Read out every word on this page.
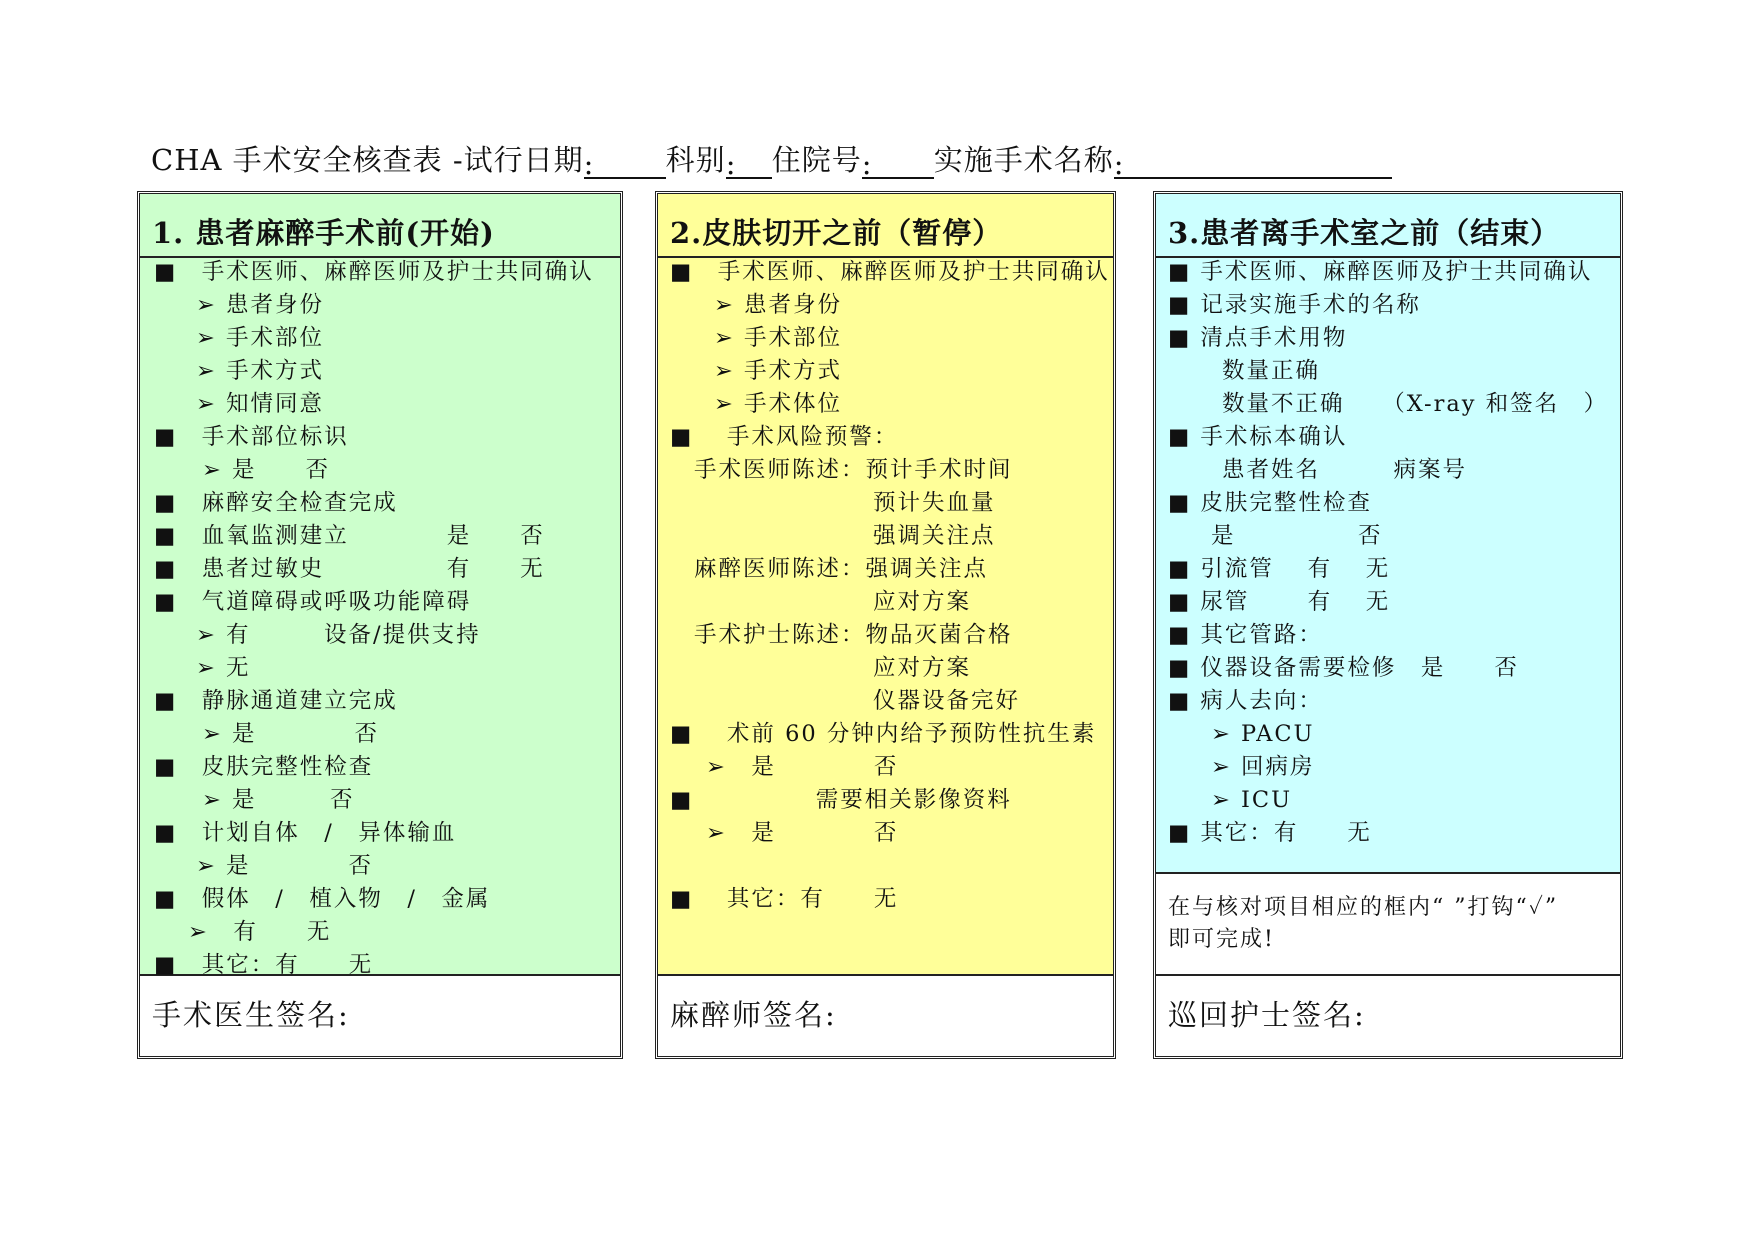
CHA 手术安全核查表 -试行日期: 科别: 住院号: 实施手术名称:
1. 患者麻醉手术前(开始)
■　手术医师、麻醉医师及护士共同确认
➢ 患者身份
➢ 手术部位
➢ 手术方式
➢ 知情同意
■　手术部位标识
➢ 是　　否
■　麻醉安全检查完成
■　血氧监测建立　　　　是　　否
■　患者过敏史　　　　　有　　无
■　气道障碍或呼吸功能障碍
➢ 有　　　设备/提供支持
➢ 无
■　静脉通道建立完成
➢ 是　　　　否
■　皮肤完整性检查
➢ 是　　　否
■　计划自体　/　异体输血
➢ 是　　　　否
■　假体　/　植入物　/　金属
➢　有　　无
■　其它：有　　无
手术医生签名:
2.皮肤切开之前（暂停）
■　手术医师、麻醉医师及护士共同确认
➢ 患者身份
➢ 手术部位
➢ 手术方式
➢ 手术体位
■　 手术风险预警：
手术医师陈述：预计手术时间
预计失血量
强调关注点
麻醉医师陈述：强调关注点
应对方案
手术护士陈述：物品灭菌合格
应对方案
仪器设备完好
■　 术前 60 分钟内给予预防性抗生素
➢　是　　　　否
■　　　　　需要相关影像资料
➢　是　　　　否
■　 其它：有　　无
麻醉师签名:
3.患者离手术室之前（结束）
■ 手术医师、麻醉医师及护士共同确认
■ 记录实施手术的名称
■ 清点手术用物
数量正确
数量不正确　　（X-ray 和签名　）
■ 手术标本确认
患者姓名　　　病案号
■ 皮肤完整性检查
是　　　　　否
■ 引流管　 有　 无
■ 尿管　　 有　 无
■ 其它管路：
■ 仪器设备需要检修　是　　否
■ 病人去向：
➢ PACU
➢ 回病房
➢ ICU
■ 其它：有　　无
在与核对项目相应的框内“ ”打钩“✓”
即可完成!
巡回护士签名:
